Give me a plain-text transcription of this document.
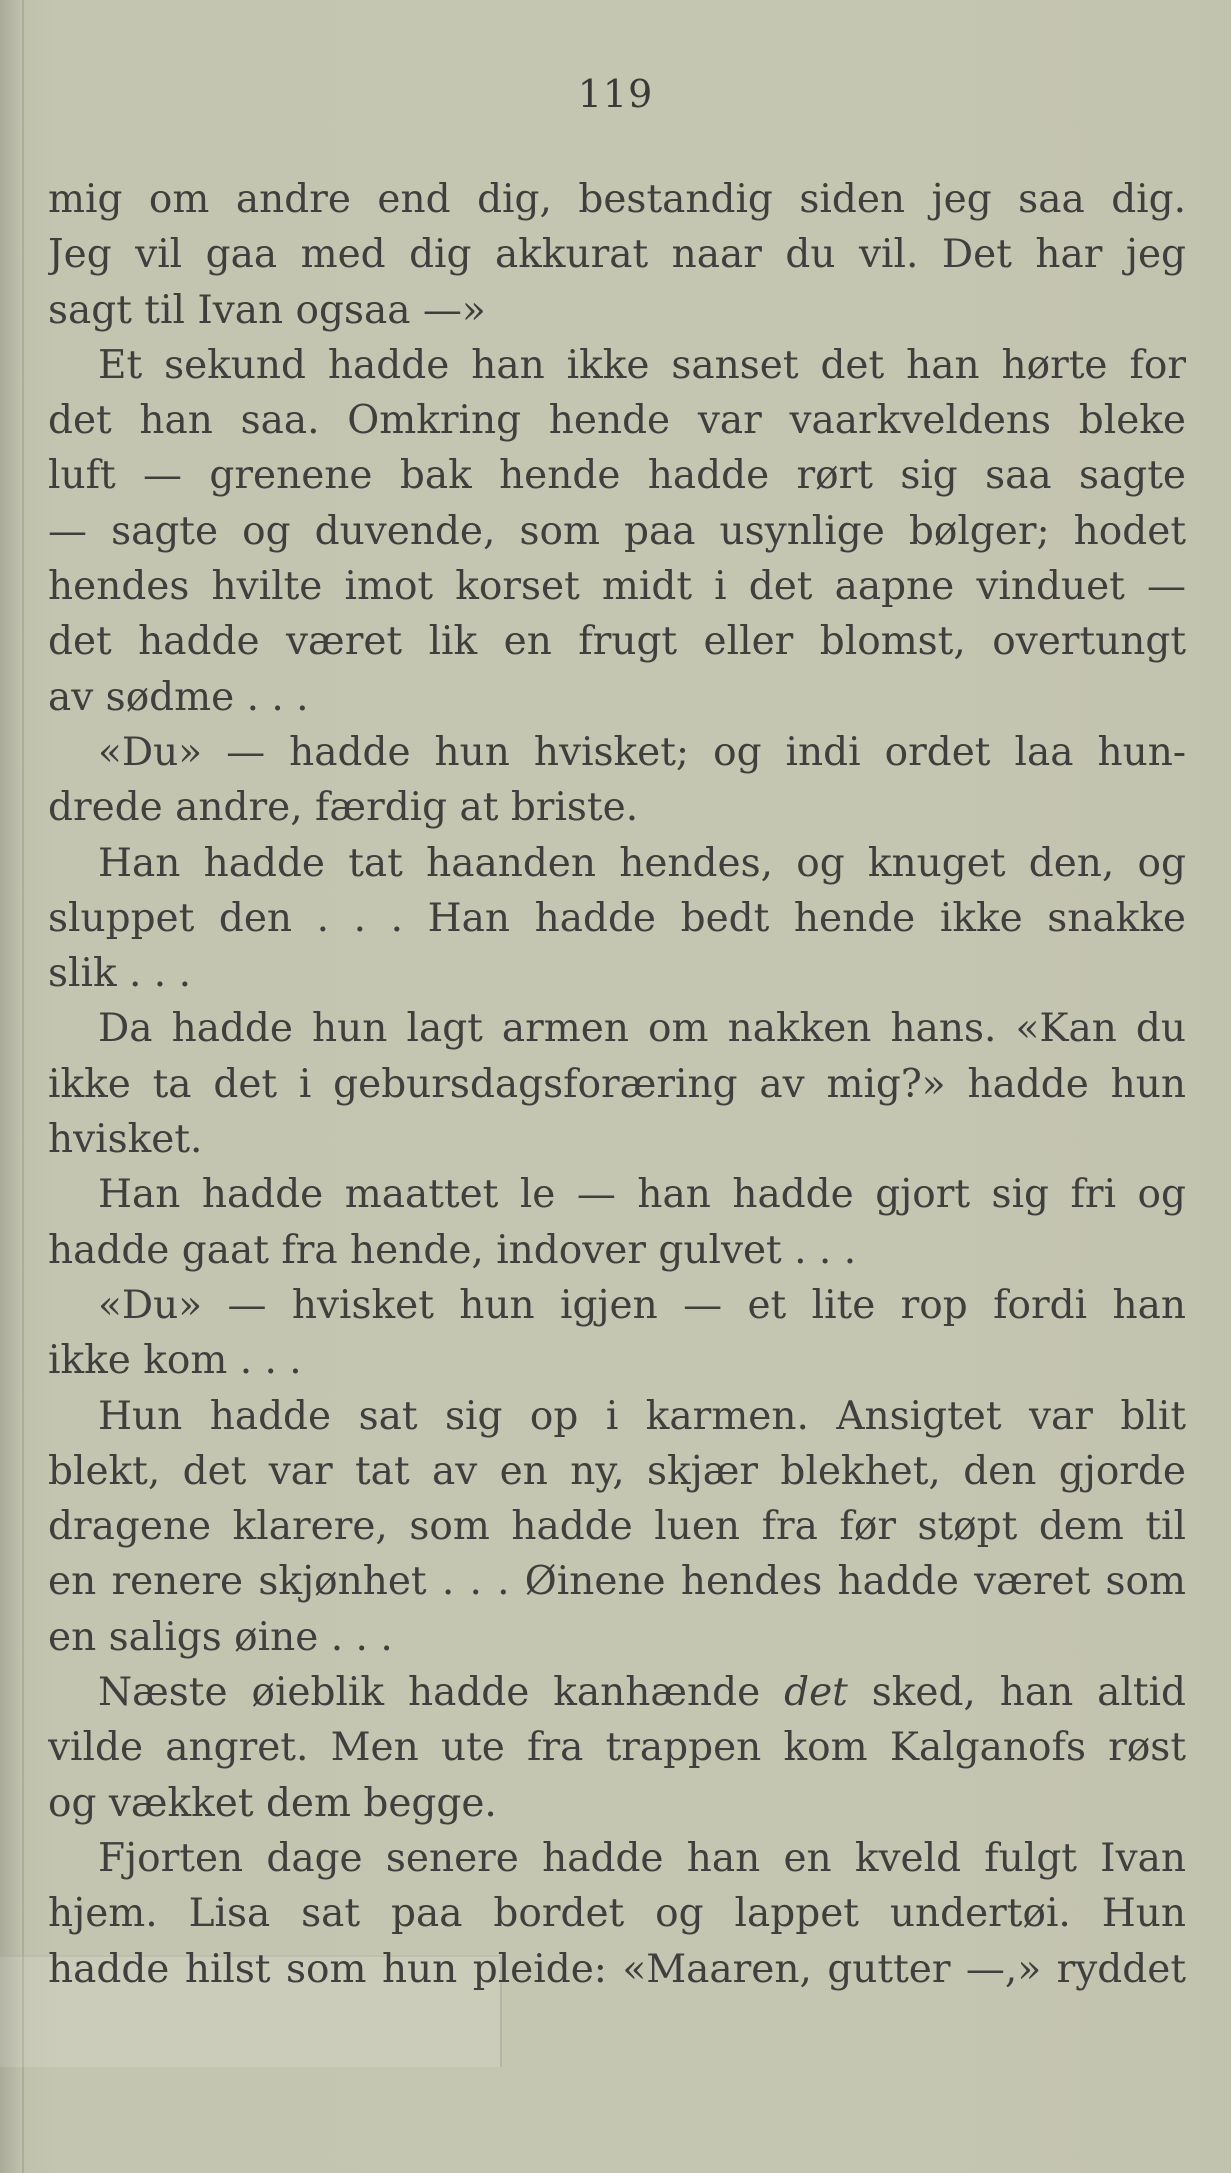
119
mig om andre end dig, bestandig siden jeg saa dig.
Jeg vil gaa med dig akkurat naar du vil. Det har jeg
sagt til Ivan ogsaa —»
Et sekund hadde han ikke sanset det han hørte for
det han saa. Omkring hende var vaarkveldens bleke
luft — grenene bak hende hadde rørt sig saa sagte
— sagte og duvende, som paa usynlige bølger; hodet
hendes hvilte imot korset midt i det aapne vinduet —
det hadde været lik en frugt eller blomst, overtungt
av sødme . . .
«Du» — hadde hun hvisket; og indi ordet laa hun-
drede andre, færdig at briste.
Han hadde tat haanden hendes, og knuget den, og
sluppet den . . . Han hadde bedt hende ikke snakke
slik . . .
Da hadde hun lagt armen om nakken hans. «Kan du
ikke ta det i gebursdagsforæring av mig?» hadde hun
hvisket.
Han hadde maattet le — han hadde gjort sig fri og
hadde gaat fra hende, indover gulvet . . .
«Du» — hvisket hun igjen — et lite rop fordi han
ikke kom . . .
Hun hadde sat sig op i karmen. Ansigtet var blit
blekt, det var tat av en ny, skjær blekhet, den gjorde
dragene klarere, som hadde luen fra før støpt dem til
en renere skjønhet . . . Øinene hendes hadde været som
en saligs øine . . .
Næste øieblik hadde kanhænde det sked, han altid
vilde angret. Men ute fra trappen kom Kalganofs røst
og vækket dem begge.
Fjorten dage senere hadde han en kveld fulgt Ivan
hjem. Lisa sat paa bordet og lappet undertøi. Hun
hadde hilst som hun pleide: «Maaren, gutter —,» ryddet
